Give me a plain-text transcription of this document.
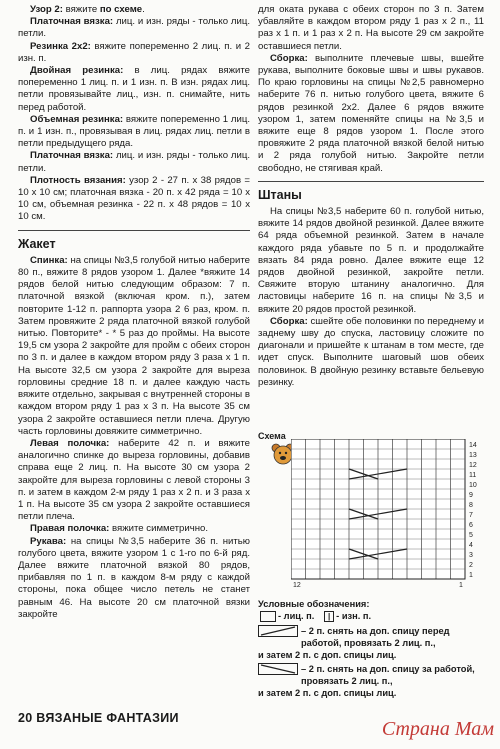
Узор 2: вяжите по схеме.

Платочная вязка: лиц. и изн. ряды - только лиц. петли.

Резинка 2х2: вяжите попеременно 2 лиц. п. и 2 изн. п.

Двойная резинка: в лиц. рядах вяжите попеременно 1 лиц. п. и 1 изн. п. В изн. рядах лиц. петли провязывайте лиц., изн. п. снимайте, нить перед работой.

Объемная резинка: вяжите попеременно 1 лиц. п. и 1 изн. п., провязывая в лиц. рядах лиц. петли в петли предыдущего ряда.

Платочная вязка: лиц. и изн. ряды - только лиц. петли.

Плотность вязания: узор 2 - 27 п. х 38 рядов = 10 х 10 см; платочная вязка - 20 п. х 42 ряда = 10 х 10 см, объемная резинка - 22 п. х 48 рядов = 10 х 10 см.

Жакет

Спинка: на спицы №3,5 голубой нитью наберите 80 п., вяжите 8 рядов узором 1. Далее *вяжите 14 рядов белой нитью следующим образом: 7 п. платочной вязкой (включая кром. п.), затем повторите 1-12 п. раппорта узора 2 6 раз, кром. п. Затем провяжите 2 ряда платочной вязкой голубой нитью. Повторите* - * 5 раз до проймы. На высоте 19,5 см узора 2 закройте для пройм с обеих сторон по 3 п. и далее в каждом втором ряду 3 раза х 1 п. На высоте 32,5 см узора 2 закройте для выреза горловины средние 18 п. и далее каждую часть вяжите отдельно, закрывая с внутренней стороны в каждом втором ряду 1 раз х 3 п. На высоте 35 см узора 2 закройте оставшиеся петли плеча. Другую часть горловины довяжите симметрично.

Левая полочка: наберите 42 п. и вяжите аналогично спинке до выреза горловины, добавив справа еще 2 лиц. п. На высоте 30 см узора 2 закройте для выреза горловины с левой стороны 3 п. и затем в каждом 2-м ряду 1 раз х 2 п. и 3 раза х 1 п. На высоте 35 см узора 2 закройте оставшиеся петли плеча.

Правая полочка: вяжите симметрично.

Рукава: на спицы №3,5 наберите 36 п. нитью голубого цвета, вяжите узором 1 с 1-го по 6-й ряд. Далее вяжите платочной вязкой 80 рядов, прибавляя по 1 п. в каждом 8-м ряду с каждой стороны, пока общее число петель не станет равным 46. На высоте 20 см платочной вязки закройте

для оката рукава с обеих сторон по 3 п. Затем убавляйте в каждом втором ряду 1 раз х 2 п., 11 раз х 1 п. и 1 раз х 2 п. На высоте 29 см закройте оставшиеся петли.

Сборка: выполните плечевые швы, вшейте рукава, выполните боковые швы и швы рукавов. По краю горловины на спицы №2,5 равномерно наберите 76 п. нитью голубого цвета, вяжите 6 рядов резинкой 2х2. Далее 6 рядов вяжите узором 1, затем поменяйте спицы на №3,5 и вяжите еще 8 рядов узором 1. После этого провяжите 2 ряда платочной вязкой белой нитью и 2 ряда голубой нитью. Закройте петли свободно, не стягивая край.

Штаны

На спицы №3,5 наберите 60 п. голубой нитью, вяжите 14 рядов двойной резинкой. Далее вяжите 64 ряда объемной резинкой. Затем в начале каждого ряда убавьте по 5 п. и продолжайте вязать 84 ряда ровно. Далее вяжите еще 12 рядов двойной резинкой, закройте петли. Свяжите вторую штанину аналогично. Для ластовицы наберите 16 п. на спицы №3,5 и вяжите 20 рядов простой резинкой.

Сборка: сшейте обе половинки по переднему и заднему шву до спуска, ластовицу сложите по диагонали и пришейте к штанам в том месте, где идет спуск. Выполните шаговый шов обеих половинок. В двойную резинку вставьте бельевую резинку.

Схема
14
13
12
11
10
9
8
7
6
5
4
3
2
1
12	1
Условные обозначения:
- лиц. п. | - изн. п.
– 2 п. снять на доп. спицу перед работой, провязать 2 лиц. п.,
и затем 2 п. с доп. спицы лиц.
– 2 п. снять на доп. спицу за работой, провязать 2 лиц. п.,
и затем 2 п. с доп. спицы лиц.
20 ВЯЗАНЫЕ ФАНТАЗИИ	Страна Мам
